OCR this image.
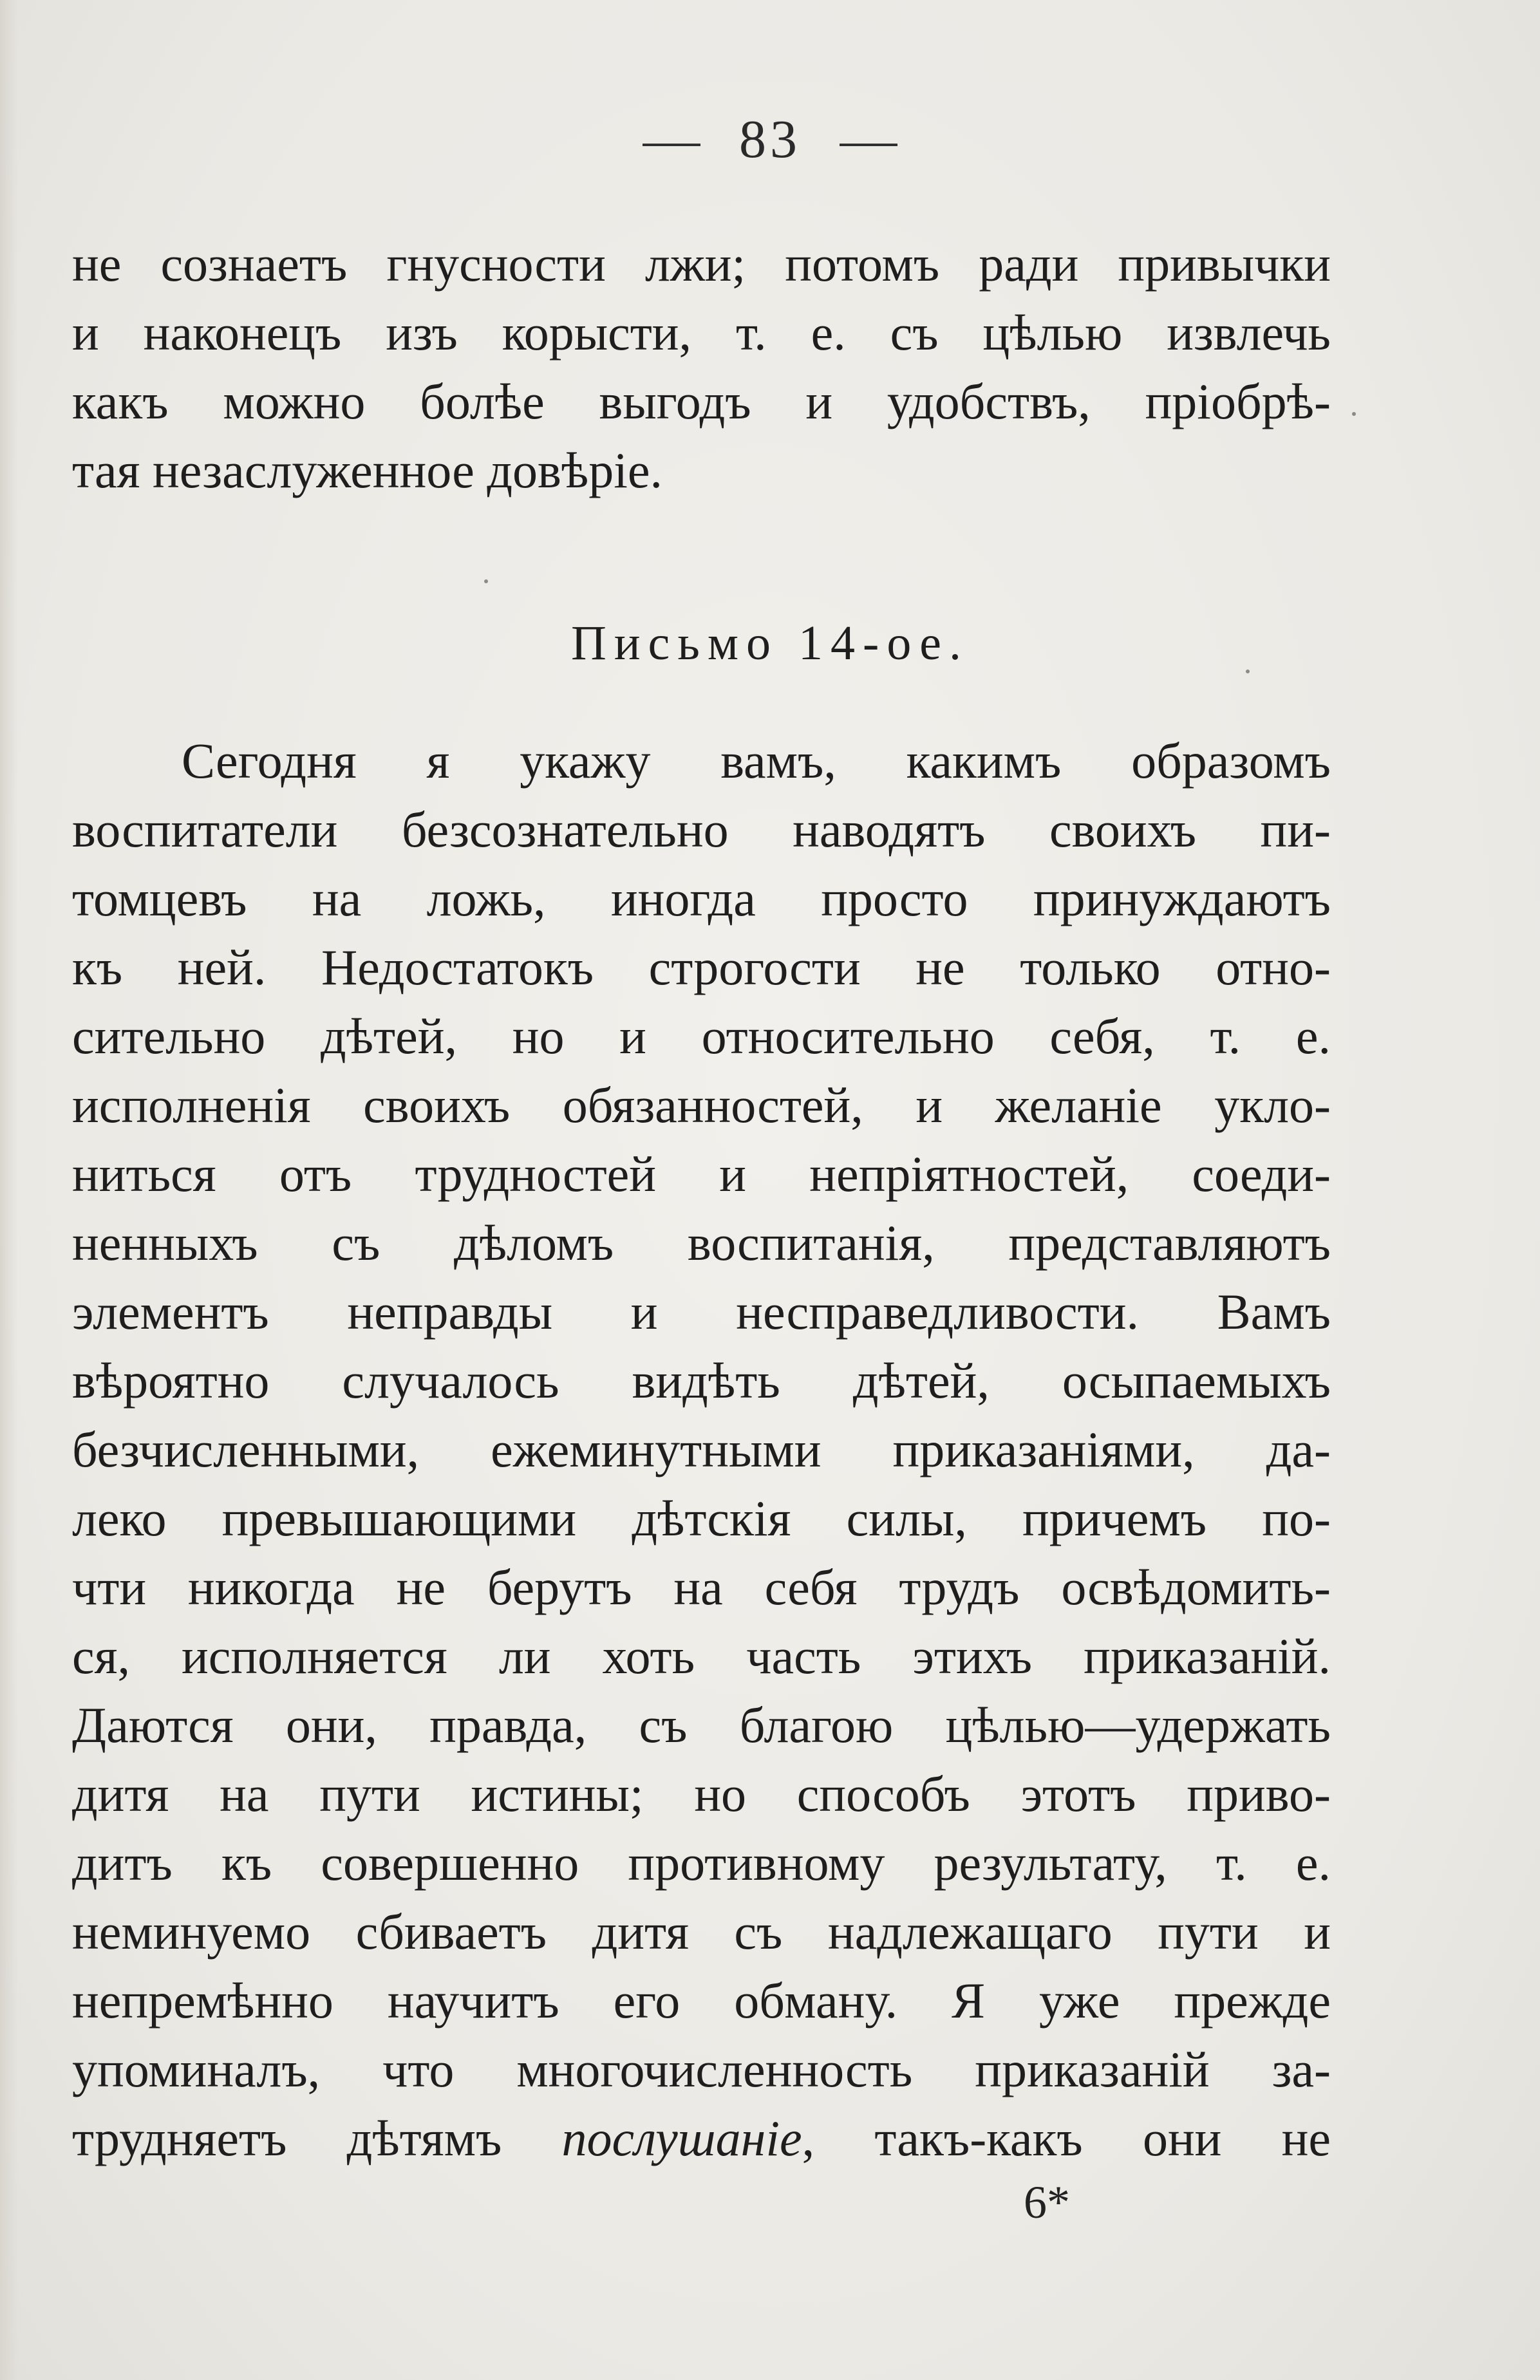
83
не сознаетъ гнусности лжи; потомъ ради привычки
и наконецъ изъ корысти, т. е. съ цѣлью извлечь
какъ можно болѣе выгодъ и удобствъ, пріобрѣ-
тая незаслуженное довѣріе.
Письмо 14-ое.
Сегодня я укажу вамъ, какимъ образомъ
воспитатели безсознательно наводятъ своихъ пи-
томцевъ на ложь, иногда просто принуждаютъ
къ ней. Недостатокъ строгости не только отно-
сительно дѣтей, но и относительно себя, т. е.
исполненія своихъ обязанностей, и желаніе укло-
ниться отъ трудностей и непріятностей, соеди-
ненныхъ съ дѣломъ воспитанія, представляютъ
элементъ неправды и несправедливости. Вамъ
вѣроятно случалось видѣть дѣтей, осыпаемыхъ
безчисленными, ежеминутными приказаніями, да-
леко превышающими дѣтскія силы, причемъ по-
чти никогда не берутъ на себя трудъ освѣдомить-
ся, исполняется ли хоть часть этихъ приказаній.
Даются они, правда, съ благою цѣлью—удержать
дитя на пути истины; но способъ этотъ приво-
дитъ къ совершенно противному результату, т. е.
неминуемо сбиваетъ дитя съ надлежащаго пути и
непремѣнно научитъ его обману. Я уже прежде
упоминалъ, что многочисленность приказаній за-
трудняетъ дѣтямъ послушаніе, такъ-какъ они не
6*
